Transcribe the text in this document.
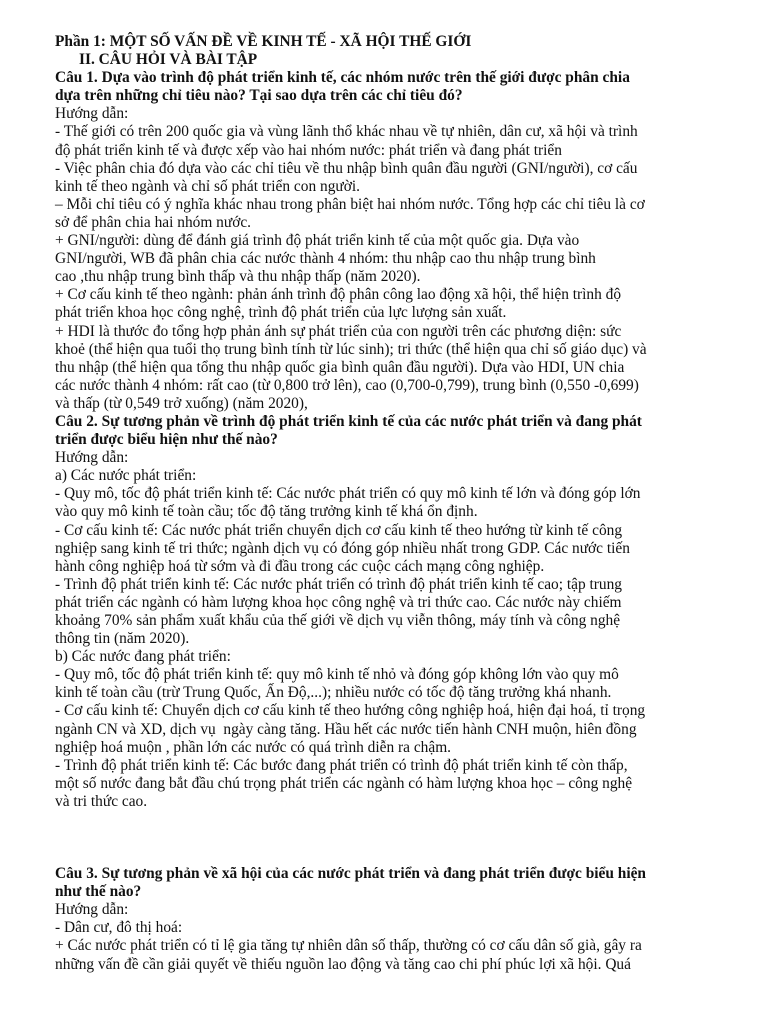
Phần 1: MỘT SỐ VẤN ĐỀ VỀ KINH TẾ - XÃ HỘI THẾ GIỚI
II. CÂU HỎI VÀ BÀI TẬP
Câu 1. Dựa vào trình độ phát triển kinh tế, các nhóm nước trên thế giới được phân chia
dựa trên những chỉ tiêu nào? Tại sao dựa trên các chỉ tiêu đó?
Hướng dẫn:
- Thế giới có trên 200 quốc gia và vùng lãnh thổ khác nhau về tự nhiên, dân cư, xã hội và trình
độ phát triển kinh tế và được xếp vào hai nhóm nước: phát triển và đang phát triển
- Việc phân chia đó dựa vào các chỉ tiêu về thu nhập bình quân đầu người (GNI/người), cơ cấu
kinh tế theo ngành và chỉ số phát triển con người.
– Mỗi chỉ tiêu có ý nghĩa khác nhau trong phân biệt hai nhóm nước. Tổng hợp các chỉ tiêu là cơ
sở để phân chia hai nhóm nước.
+ GNI/người: dùng để đánh giá trình độ phát triển kinh tế của một quốc gia. Dựa vào
GNI/người, WB đã phân chia các nước thành 4 nhóm: thu nhập cao thu nhập trung bình
cao ,thu nhập trung bình thấp và thu nhập thấp (năm 2020).
+ Cơ cấu kinh tế theo ngành: phản ánh trình độ phân công lao động xã hội, thể hiện trình độ
phát triển khoa học công nghệ, trình độ phát triển của lực lượng sản xuất.
+ HDI là thước đo tổng hợp phản ánh sự phát triển của con người trên các phương diện: sức
khoẻ (thể hiện qua tuổi thọ trung bình tính từ lúc sinh); tri thức (thể hiện qua chỉ số giáo dục) và
thu nhập (thể hiện qua tổng thu nhập quốc gia bình quân đầu người). Dựa vào HDI, UN chia
các nước thành 4 nhóm: rất cao (từ 0,800 trở lên), cao (0,700-0,799), trung bình (0,550 -0,699)
và thấp (từ 0,549 trở xuống) (năm 2020),
Câu 2. Sự tương phản về trình độ phát triển kinh tế của các nước phát triển và đang phát
triển được biểu hiện như thế nào?
Hướng dẫn:
a) Các nước phát triển:
- Quy mô, tốc độ phát triển kinh tế: Các nước phát triển có quy mô kinh tế lớn và đóng góp lớn
vào quy mô kinh tế toàn cầu; tốc độ tăng trưởng kinh tế khá ổn định.
- Cơ cấu kinh tế: Các nước phát triển chuyển dịch cơ cấu kinh tế theo hướng từ kinh tế công
nghiệp sang kinh tế tri thức; ngành dịch vụ có đóng góp nhiều nhất trong GDP. Các nước tiến
hành công nghiệp hoá từ sớm và đi đầu trong các cuộc cách mạng công nghiệp.
- Trình độ phát triển kinh tế: Các nước phát triển có trình độ phát triển kinh tế cao; tập trung
phát triển các ngành có hàm lượng khoa học công nghệ và tri thức cao. Các nước này chiếm
khoảng 70% sản phẩm xuất khẩu của thế giới về dịch vụ viễn thông, máy tính và công nghệ
thông tin (năm 2020).
b) Các nước đang phát triển:
- Quy mô, tốc độ phát triển kinh tế: quy mô kinh tế nhỏ và đóng góp không lớn vào quy mô
kinh tế toàn cầu (trừ Trung Quốc, Ấn Độ,...); nhiều nước có tốc độ tăng trưởng khá nhanh.
- Cơ cấu kinh tế: Chuyển dịch cơ cấu kinh tế theo hướng công nghiệp hoá, hiện đại hoá, tỉ trọng
ngành CN và XD, dịch vụ  ngày càng tăng. Hầu hết các nước tiến hành CNH muộn, hiên đồng
nghiệp hoá muộn , phần lớn các nước có quá trình diễn ra chậm.
- Trình độ phát triển kinh tế: Các bước đang phát triển có trình độ phát triển kinh tế còn thấp,
một số nước đang bắt đầu chú trọng phát triển các ngành có hàm lượng khoa học – công nghệ
và tri thức cao.
Câu 3. Sự tương phản về xã hội của các nước phát triển và đang phát triển được biểu hiện
như thế nào?
Hướng dẫn:
- Dân cư, đô thị hoá:
+ Các nước phát triển có tỉ lệ gia tăng tự nhiên dân số thấp, thường có cơ cấu dân số già, gây ra
những vấn đề cần giải quyết về thiếu nguồn lao động và tăng cao chi phí phúc lợi xã hội. Quá
